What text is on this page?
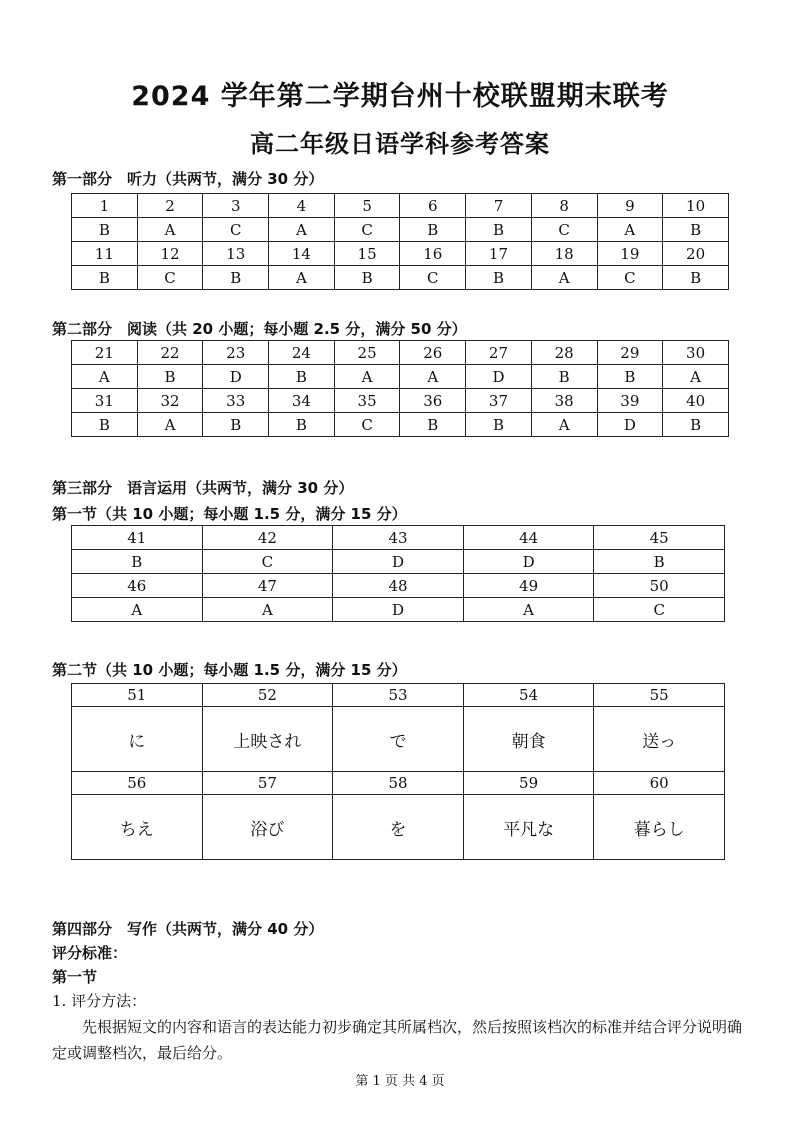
2024 学年第二学期台州十校联盟期末联考
高二年级日语学科参考答案
第一部分　听力（共两节，满分 30 分）
1	2	3	4	5	6	7	8	9	10
B	A	C	A	C	B	B	C	A	B
11	12	13	14	15	16	17	18	19	20
B	C	B	A	B	C	B	A	C	B
第二部分　阅读（共 20 小题；每小题 2.5 分，满分 50 分）
21	22	23	24	25	26	27	28	29	30
A	B	D	B	A	A	D	B	B	A
31	32	33	34	35	36	37	38	39	40
B	A	B	B	C	B	B	A	D	B
第三部分　语言运用（共两节，满分 30 分）
第一节（共 10 小题；每小题 1.5 分，满分 15 分）
41	42	43	44	45
B	C	D	D	B
46	47	48	49	50
A	A	D	A	C
第二节（共 10 小题；每小题 1.5 分，满分 15 分）
51	52	53	54	55
に	上映され	で	朝食	送っ
56	57	58	59	60
ちえ	浴び	を	平凡な	暮らし
第四部分　写作（共两节，满分 40 分）
评分标准：
第一节
1. 评分方法：
先根据短文的内容和语言的表达能力初步确定其所属档次，然后按照该档次的标准并结合评分说明确定或调整档次，最后给分。
第 1 页 共 4 页
